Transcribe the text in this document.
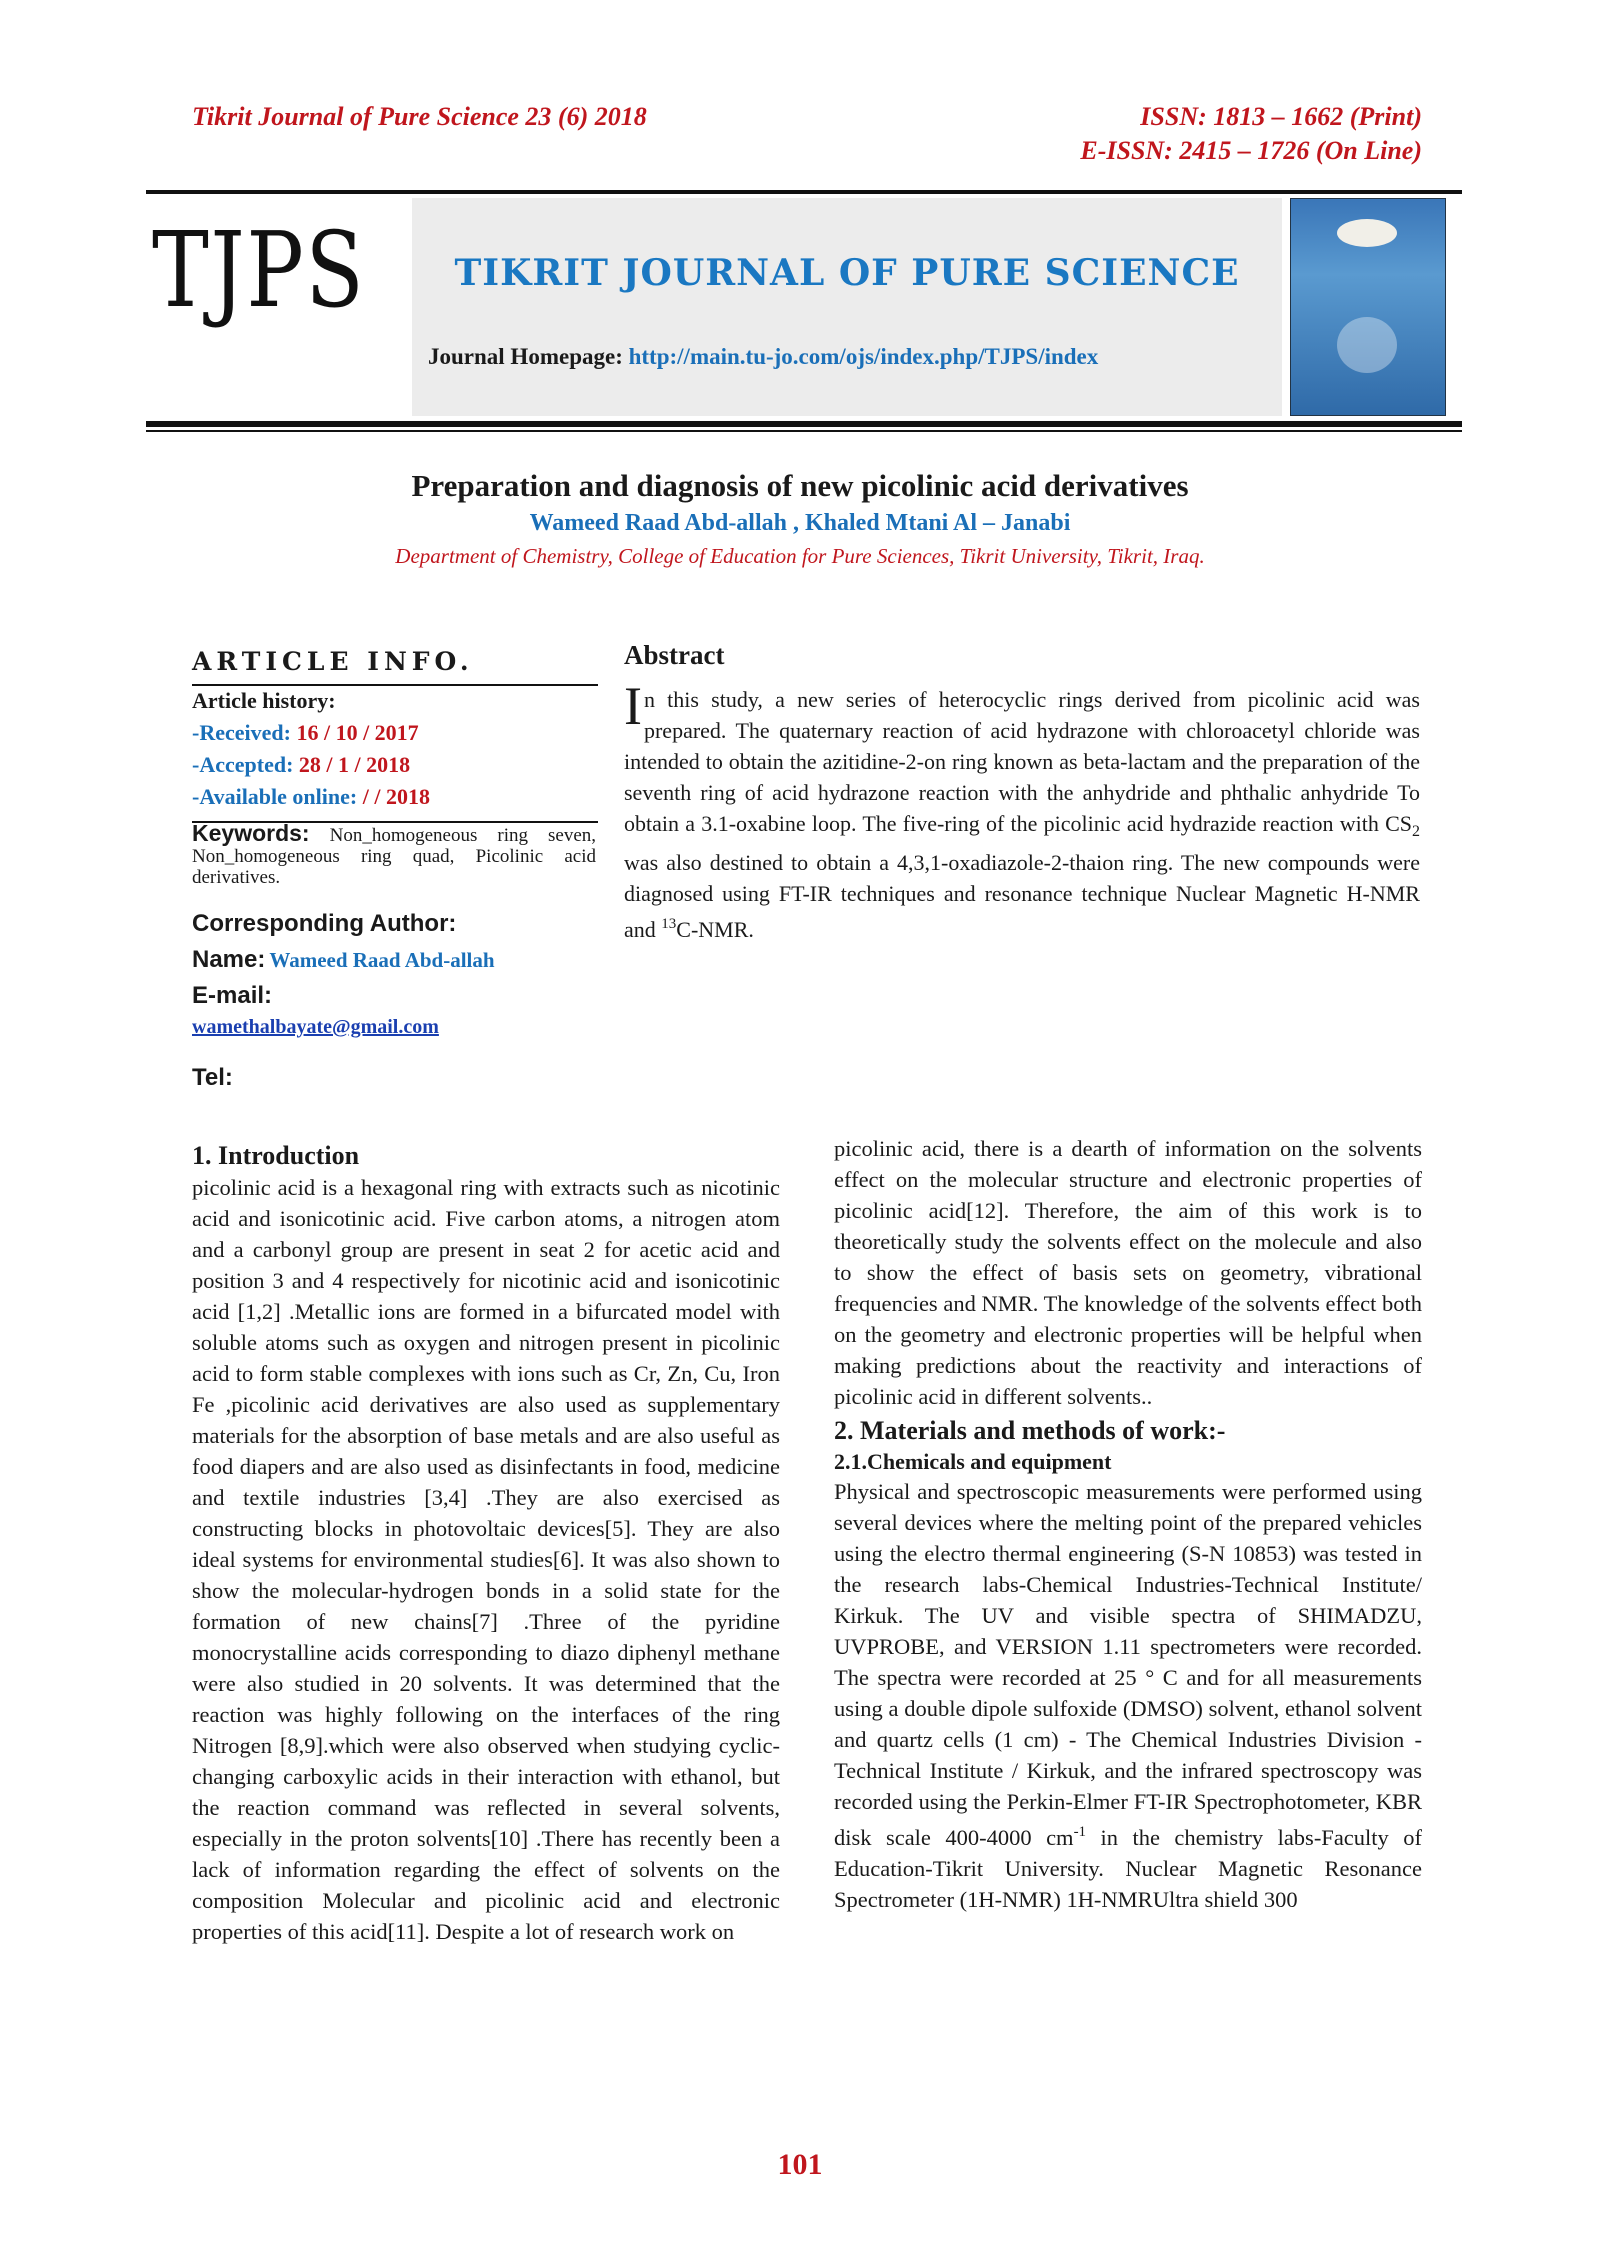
Tikrit Journal of Pure Science 23 (6) 2018	ISSN: 1813 – 1662 (Print)
E-ISSN: 2415 – 1726 (On Line)
TJPS	TIKRIT JOURNAL OF PURE SCIENCE
Journal Homepage: http://main.tu-jo.com/ojs/index.php/TJPS/index
Preparation and diagnosis of new picolinic acid derivatives
Wameed Raad Abd-allah , Khaled Mtani Al – Janabi
Department of Chemistry, College of Education for Pure Sciences, Tikrit University, Tikrit, Iraq.
ARTICLE INFO.
Article history:
-Received: 16 / 10 / 2017
-Accepted: 28 / 1 / 2018
-Available online: / / 2018
Keywords: Non_homogeneous ring seven, Non_homogeneous ring quad, Picolinic acid derivatives.
Corresponding Author:
Name: Wameed Raad Abd-allah
E-mail:
wamethalbayate@gmail.com
Tel:
Abstract
In this study, a new series of heterocyclic rings derived from picolinic acid was prepared. The quaternary reaction of acid hydrazone with chloroacetyl chloride was intended to obtain the azitidine-2-on ring known as beta-lactam and the preparation of the seventh ring of acid hydrazone reaction with the anhydride and phthalic anhydride To obtain a 3.1-oxabine loop. The five-ring of the picolinic acid hydrazide reaction with $CS_2$ was also destined to obtain a 4,3,1-oxadiazole-2-thaion ring. The new compounds were diagnosed using FT-IR techniques and resonance technique Nuclear Magnetic H-NMR and $^{13}$C-NMR.
1. Introduction
picolinic acid is a hexagonal ring with extracts such as nicotinic acid and isonicotinic acid. Five carbon atoms, a nitrogen atom and a carbonyl group are present in seat 2 for acetic acid and position 3 and 4 respectively for nicotinic acid and isonicotinic acid [1,2] .Metallic ions are formed in a bifurcated model with soluble atoms such as oxygen and nitrogen present in picolinic acid to form stable complexes with ions such as Cr, Zn, Cu, Iron Fe ,picolinic acid derivatives are also used as supplementary materials for the absorption of base metals and are also useful as food diapers and are also used as disinfectants in food, medicine and textile industries [3,4] .They are also exercised as constructing blocks in photovoltaic devices[5]. They are also ideal systems for environmental studies[6]. It was also shown to show the molecular-hydrogen bonds in a solid state for the formation of new chains[7] .Three of the pyridine monocrystalline acids corresponding to diazo diphenyl methane were also studied in 20 solvents. It was determined that the reaction was highly following on the interfaces of the ring Nitrogen [8,9].which were also observed when studying cyclic-changing carboxylic acids in their interaction with ethanol, but the reaction command was reflected in several solvents, especially in the proton solvents[10] .There has recently been a lack of information regarding the effect of solvents on the composition Molecular and picolinic acid and electronic properties of this acid[11]. Despite a lot of research work on
picolinic acid, there is a dearth of information on the solvents effect on the molecular structure and electronic properties of picolinic acid[12]. Therefore, the aim of this work is to theoretically study the solvents effect on the molecule and also to show the effect of basis sets on geometry, vibrational frequencies and NMR. The knowledge of the solvents effect both on the geometry and electronic properties will be helpful when making predictions about the reactivity and interactions of picolinic acid in different solvents..
2. Materials and methods of work:-
2.1.Chemicals and equipment
Physical and spectroscopic measurements were performed using several devices where the melting point of the prepared vehicles using the electro thermal engineering (S-N 10853) was tested in the research labs-Chemical Industries-Technical Institute/ Kirkuk. The UV and visible spectra of SHIMADZU, UVPROBE, and VERSION 1.11 spectrometers were recorded. The spectra were recorded at 25 ° C and for all measurements using a double dipole sulfoxide (DMSO) solvent, ethanol solvent and quartz cells (1 cm) - The Chemical Industries Division - Technical Institute / Kirkuk, and the infrared spectroscopy was recorded using the Perkin-Elmer FT-IR Spectrophotometer, KBR disk scale 400-4000 $cm^{-1}$ in the chemistry labs-Faculty of Education-Tikrit University. Nuclear Magnetic Resonance Spectrometer (1H-NMR) 1H-NMRUltra shield 300
101
